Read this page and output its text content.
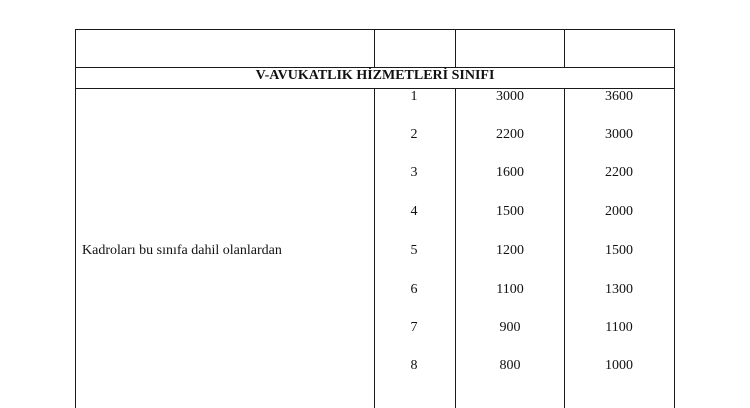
V-AVUKATLIK HİZMETLERİ SINIFI
Kadroları bu sınıfa dahil olanlardan
1	3000	3600
2	2200	3000
3	1600	2200
4	1500	2000
5	1200	1500
6	1100	1300
7	900	1100
8	800	1000
